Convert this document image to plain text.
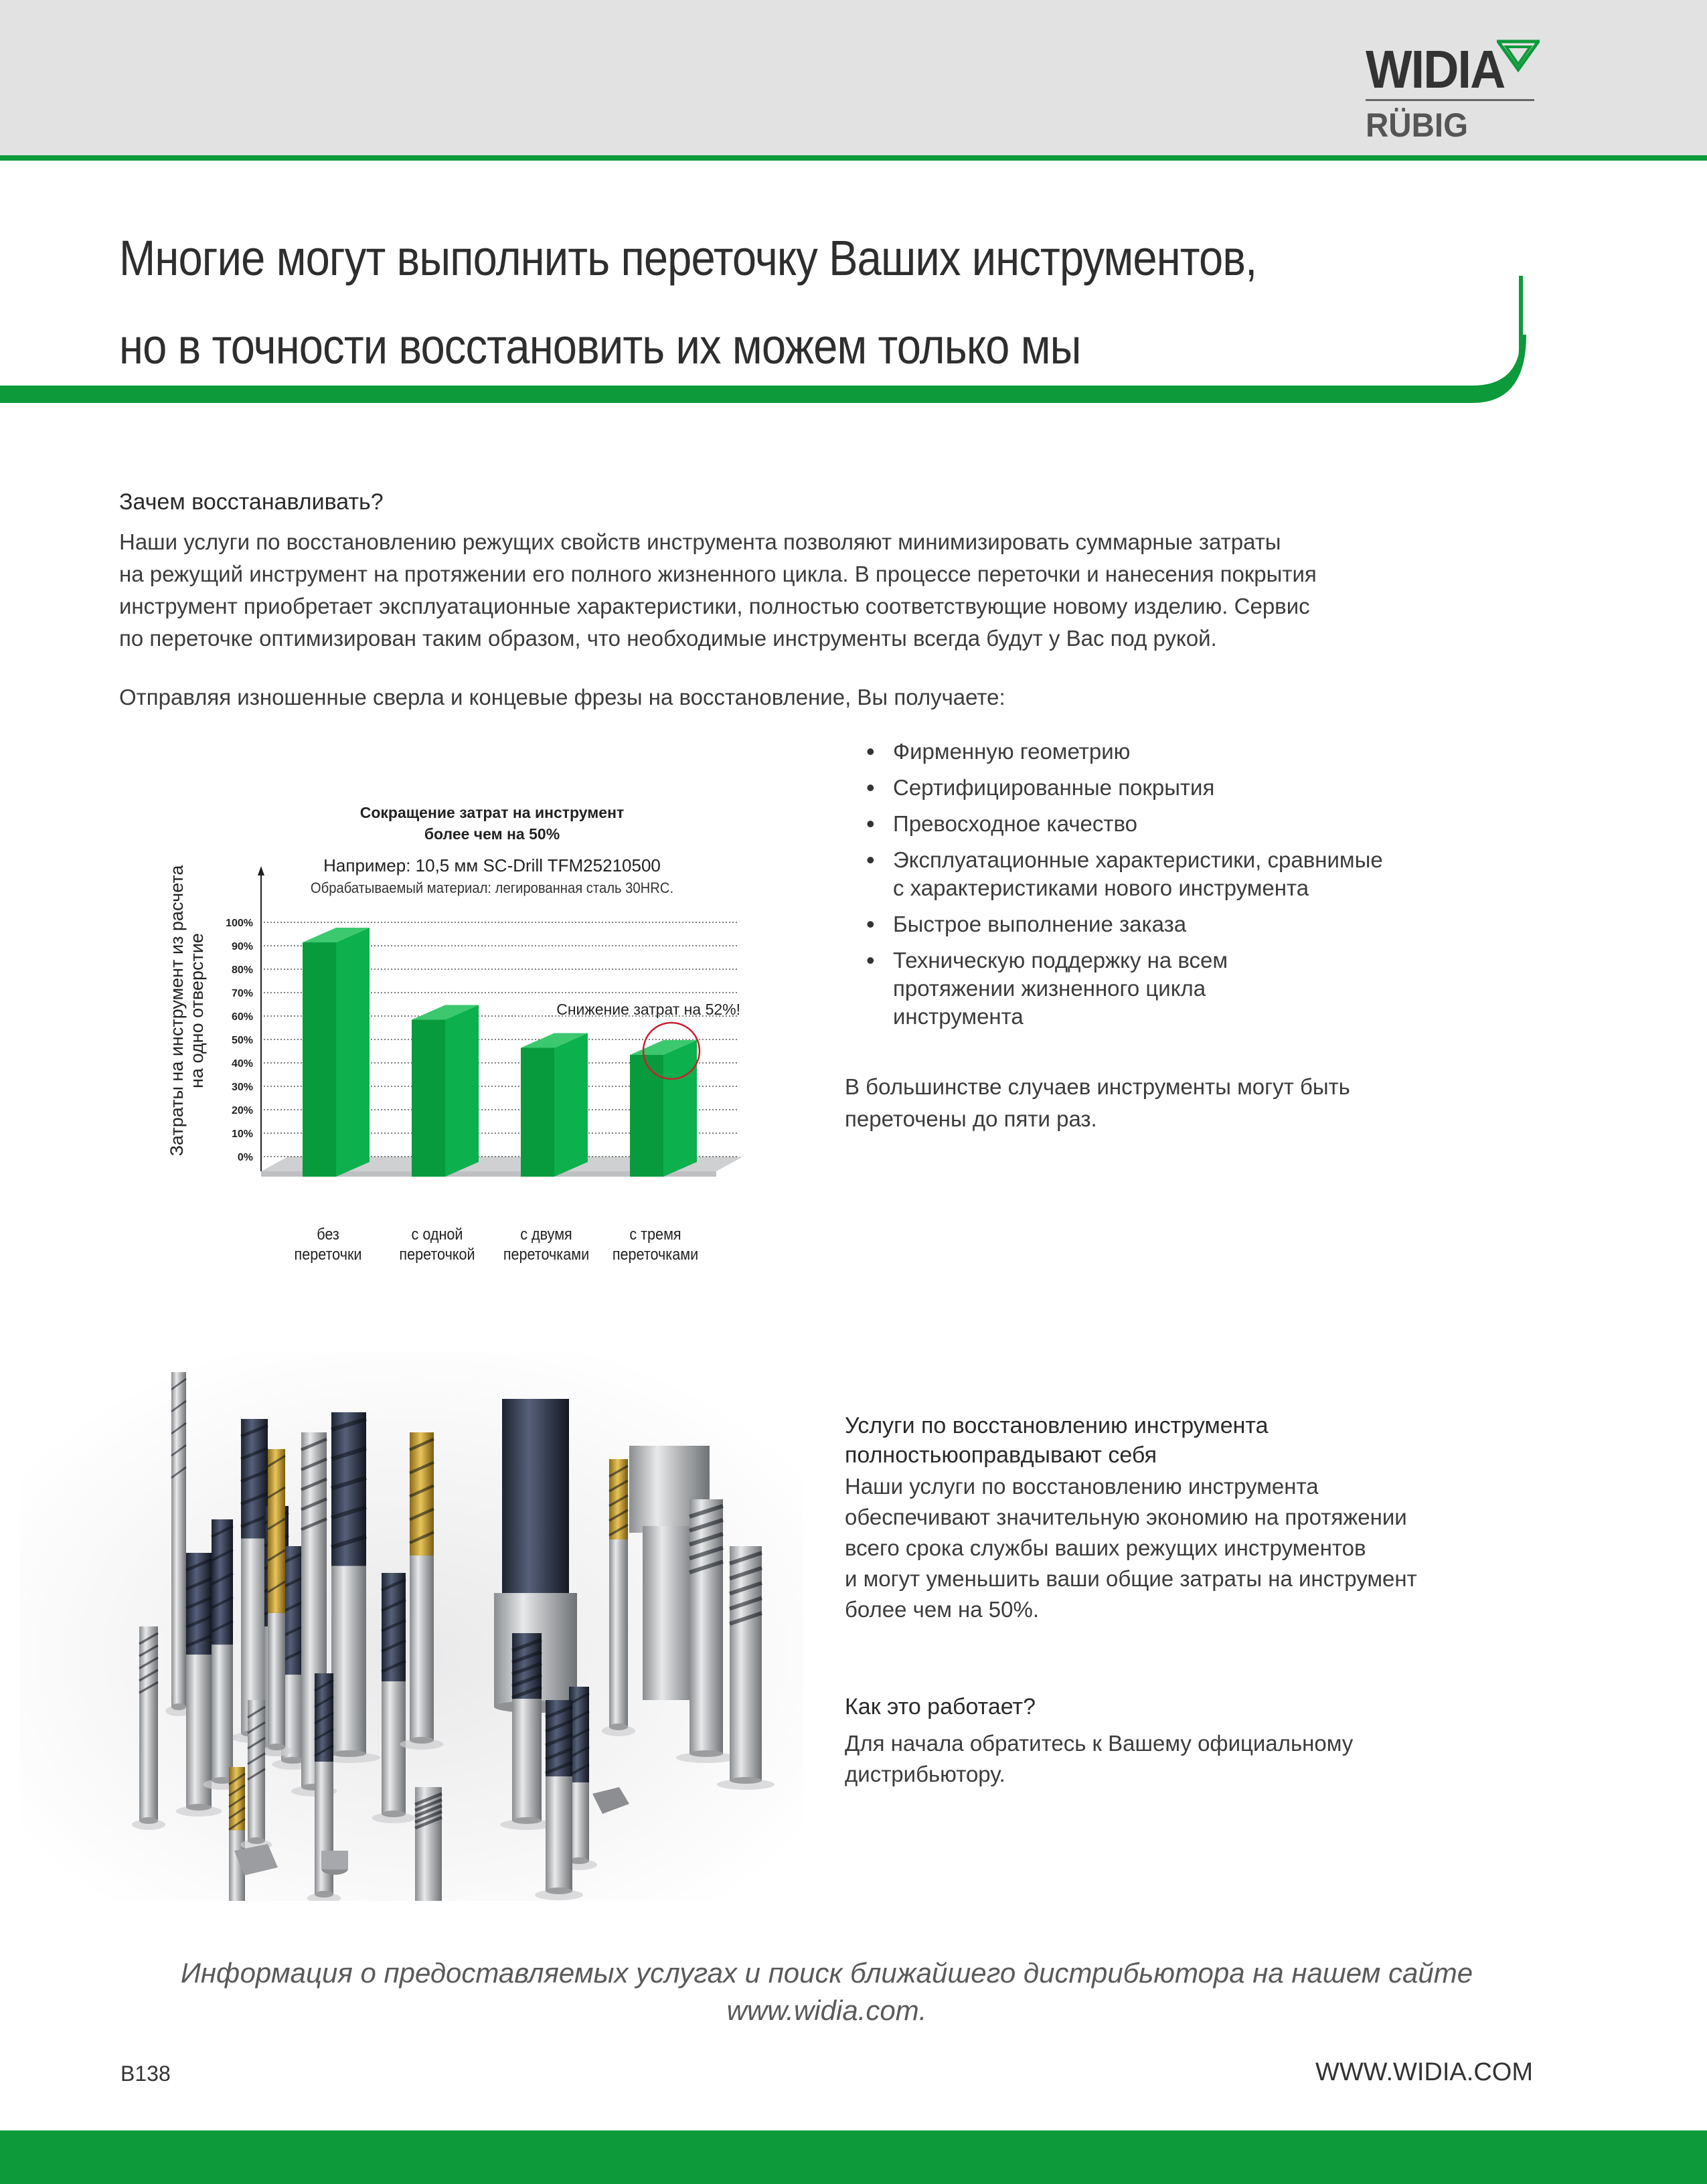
WIDIA
RÜBIG
Многие могут выполнить переточку Ваших инструментов,
но в точности восстановить их можем только мы
Зачем восстанавливать?
Наши услуги по восстановлению режущих свойств инструмента позволяют минимизировать суммарные затраты
на режущий инструмент на протяжении его полного жизненного цикла. В процессе переточки и нанесения покрытия
инструмент приобретает эксплуатационные характеристики, полностью соответствующие новому изделию. Сервис
по переточке оптимизирован таким образом, что необходимые инструменты всегда будут у Вас под рукой.
Отправляя изношенные сверла и концевые фрезы на восстановление, Вы получаете:
• Фирменную геометрию
• Сертифицированные покрытия
• Превосходное качество
• Эксплуатационные характеристики, сравнимые
с характеристиками нового инструмента
• Быстрое выполнение заказа
• Техническую поддержку на всем
протяжении жизненного цикла
инструмента
В большинстве случаев инструменты могут быть
переточены до пяти раз.
Сокращение затрат на инструмент
более чем на 50%
Например: 10,5 мм SC-Drill TFM25210500
Обрабатываемый материал: легированная сталь 30HRC.
Затраты на инструмент из расчета на одно отверстие
100%
90%
80%
70%
60%
50%
40%
30%
20%
10%
0%
без
переточки
с одной
переточкой
с двумя
переточками
с тремя
переточками
Снижение затрат на 52%!
Услуги по восстановлению инструмента
полностьюоправдывают себя
Наши услуги по восстановлению инструмента
обеспечивают значительную экономию на протяжении
всего срока службы ваших режущих инструментов
и могут уменьшить ваши общие затраты на инструмент
более чем на 50%.
Как это работает?
Для начала обратитесь к Вашему официальному
дистрибьютору.
Информация о предоставляемых услугах и поиск ближайшего дистрибьютора на нашем сайте
www.widia.com.
B138	WWW.WIDIA.COM
